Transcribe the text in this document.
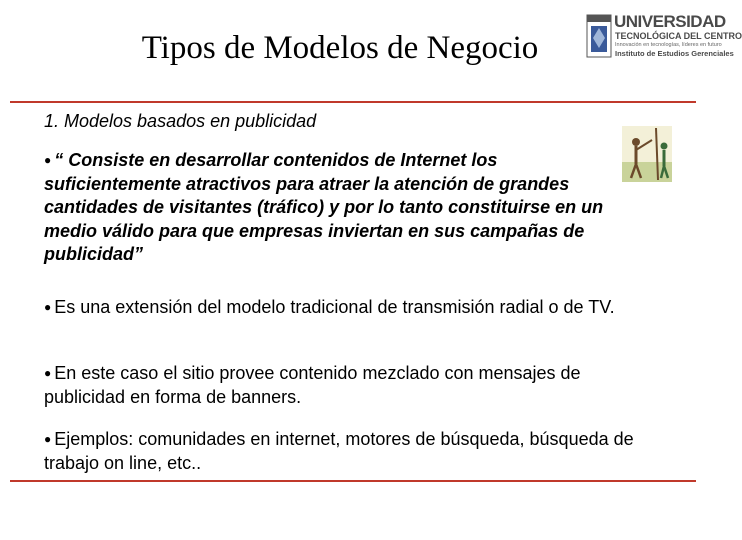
Tipos de Modelos de Negocio
UNIVERSIDAD
TECNOLÓGICA DEL CENTRO
Innovación en tecnologías, líderes en futuro
Instituto de Estudios Gerenciales
1. Modelos basados en publicidad
● “ Consiste en desarrollar contenidos de Internet los suficientemente atractivos para atraer la atención de grandes cantidades de visitantes (tráfico) y por lo tanto constituirse en un medio válido para que empresas inviertan en sus campañas de publicidad”
● Es una extensión del modelo tradicional de transmisión radial o de TV.
● En este caso el sitio provee contenido mezclado con mensajes de publicidad en forma de banners.
● Ejemplos: comunidades en internet, motores de búsqueda, búsqueda de trabajo on line, etc..
